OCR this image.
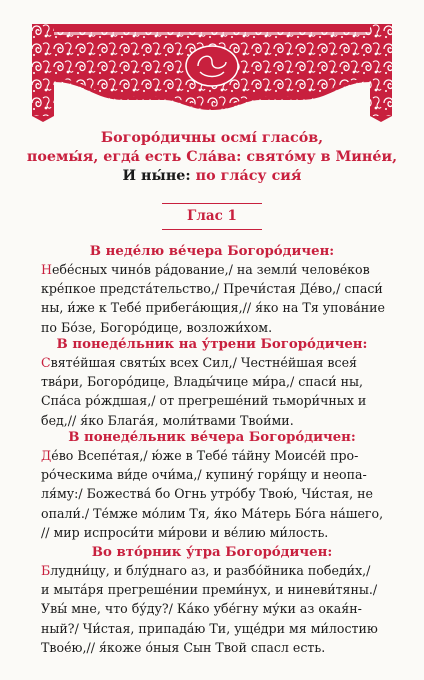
Богоро́дичны осмі́ гласо́в,
поемы́я, егда́ есть Сла́ва: свято́му в Мине́и,
И ны́не: по гла́су сия́
Глас 1
В неде́лю ве́чера Богоро́дичен:
Небе́сных чино́в ра́дование,/ на земли́ челове́ков
кре́пкое предста́тельство,/ Пречи́стая Де́во,/ спаси́
ны, и́же к Тебе́ прибега́ющия,// я́ко на Тя упова́ние
по Бо́зе, Богоро́дице, возложи́хом.
В понеде́льник на у́трени Богоро́дичен:
Святе́йшая святы́х всех Сил,/ Честне́йшая всея́
тва́ри, Богоро́дице, Влады́чице ми́ра,/ спаси́ ны,
Спа́са ро́ждшая,/ от прегреше́ний тьмори́чных и
бед,// я́ко Блага́я, моли́твами Твои́ми.
В понеде́льник ве́чера Богоро́дичен:
Де́во Всепе́тая,/ ю́же в Тебе́ та́йну Моисе́й про-
ро́ческима ви́де очи́ма,/ купину́ горя́щу и неопа-
ля́му:/ Божества́ бо Огнь утро́бу Твою́, Чи́стая, не
опали́./ Те́мже мо́лим Тя, я́ко Ма́терь Бо́га на́шего,
// мир испроси́ти ми́рови и ве́лию ми́лость.
Во вто́рник у́тра Богоро́дичен:
Блудни́цу, и блу́днаго аз, и разбо́йника победи́х,/
и мыта́ря прегреше́нии преми́нух, и ниневи́тяны./
Увы́ мне, что бу́ду?/ Ка́ко убе́гну му́ки аз окая́н-
ный?/ Чи́стая, припада́ю Ти, уще́дри мя ми́лостию
Твое́ю,// я́коже о́ныя Сын Твой спасл есть.
